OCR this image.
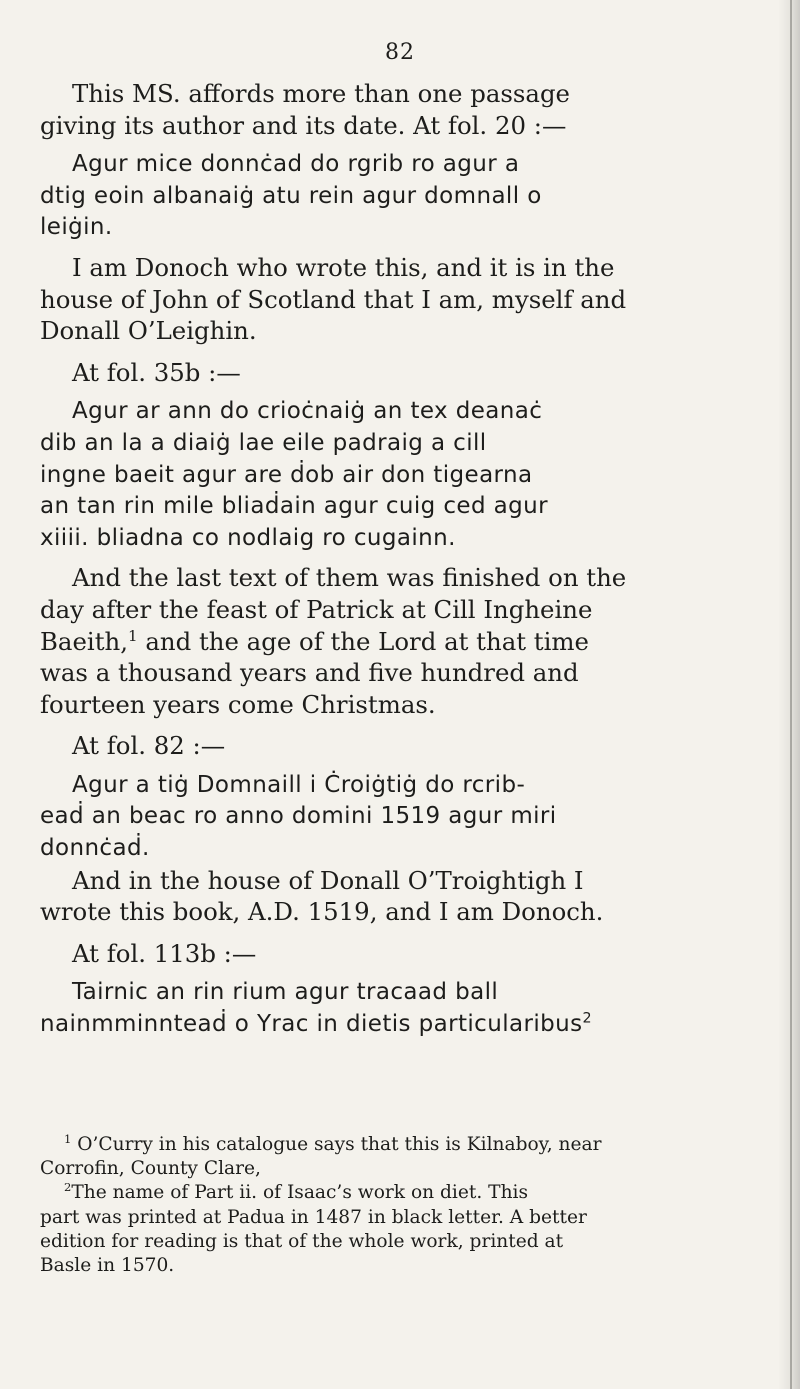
82

This MS. affords more than one passage

giving its author and its date. At fol. 20 :—

Agur mice donnċad do rgrib ro agur a

dtig eoin albanaiġ atu rein agur domnall o

leiġin.

I am Donoch who wrote this, and it is in the

house of John of Scotland that I am, myself and

Donall O’Leighin.

At fol. 35b :—

Agur ar ann do crioċnaiġ an tex deanaċ

dib an la a diaiġ lae eile padraig a cill

ingne baeit agur are ḋob air don tigearna

an tan rin mile bliaḋain agur cuig ced agur

xiiii. bliadna co nodlaig ro cugainn.

And the last text of them was finished on the

day after the feast of Patrick at Cill Ingheine

Baeith,$^1$ and the age of the Lord at that time

was a thousand years and five hundred and

fourteen years come Christmas.

At fol. 82 :—

Agur a tiġ Domnaill i Ċroiġtiġ do rcrib-

eaḋ an beac ro anno domini 1519 agur miri

donnċaḋ.

And in the house of Donall O’Troightigh I

wrote this book, A.D. 1519, and I am Donoch.

At fol. 113b :—

Tairnic an rin rium agur tracaad ball

nainmminnteaḋ o Yrac in dietis particularibus$^2$

$^1$ O’Curry in his catalogue says that this is Kilnaboy, near

Corrofin, County Clare,

$^2$The name of Part ii. of Isaac’s work on diet. This

part was printed at Padua in 1487 in black letter. A better

edition for reading is that of the whole work, printed at

Basle in 1570.
